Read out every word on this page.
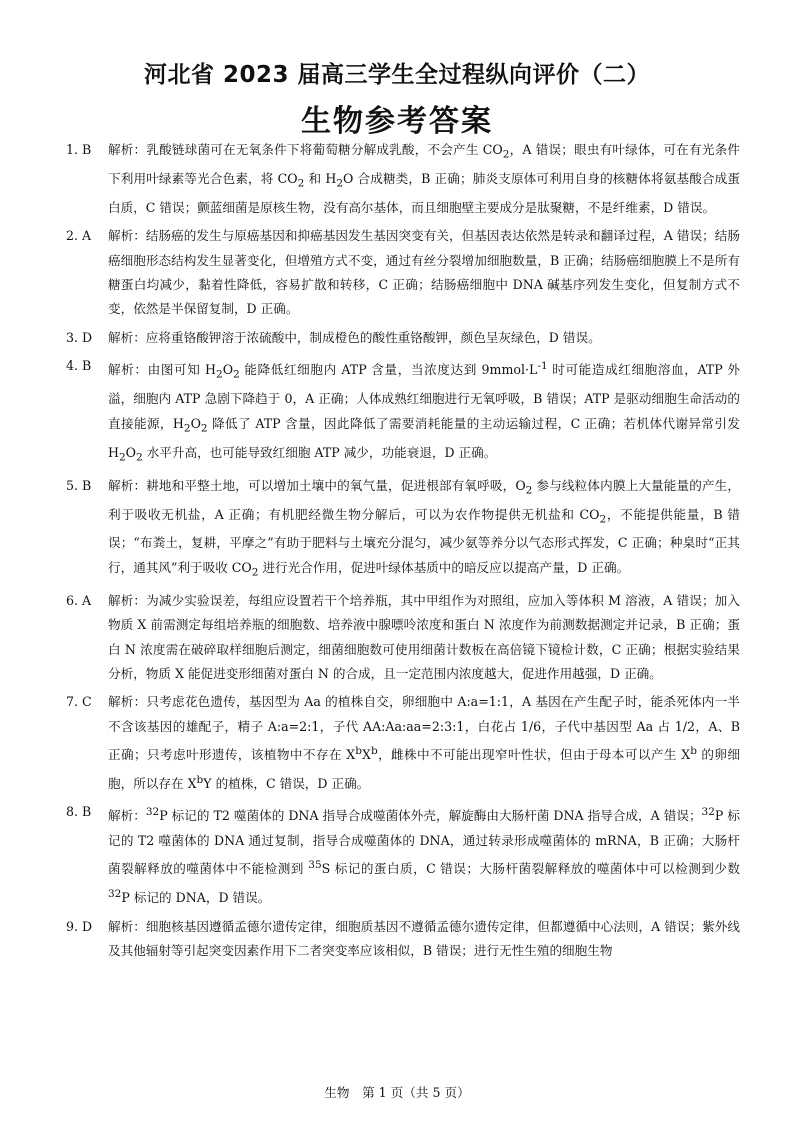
河北省 2023 届高三学生全过程纵向评价（二）
生物参考答案
1. B	解析：乳酸链球菌可在无氧条件下将葡萄糖分解成乳酸，不会产生 $CO_2$，A 错误；眼虫有叶绿体，可在有光条件下利用叶绿素等光合色素，将 $CO_2$ 和 $H_2O$ 合成糖类，B 正确；肺炎支原体可利用自身的核糖体将氨基酸合成蛋白质，C 错误；颤蓝细菌是原核生物，没有高尔基体，而且细胞壁主要成分是肽聚糖，不是纤维素，D 错误。
2. A	解析：结肠癌的发生与原癌基因和抑癌基因发生基因突变有关，但基因表达依然是转录和翻译过程，A 错误；结肠癌细胞形态结构发生显著变化，但增殖方式不变，通过有丝分裂增加细胞数量，B 正确；结肠癌细胞膜上不是所有糖蛋白均减少，黏着性降低，容易扩散和转移，C 正确；结肠癌细胞中 DNA 碱基序列发生变化，但复制方式不变，依然是半保留复制，D 正确。
3. D	解析：应将重铬酸钾溶于浓硫酸中，制成橙色的酸性重铬酸钾，颜色呈灰绿色，D 错误。
4. B	解析：由图可知 $H_2O_2$ 能降低红细胞内 ATP 含量，当浓度达到 $9mmol\cdot L^{-1}$ 时可能造成红细胞溶血，ATP 外溢，细胞内 ATP 急剧下降趋于 0，A 正确；人体成熟红细胞进行无氧呼吸，B 错误；ATP 是驱动细胞生命活动的直接能源，$H_2O_2$ 降低了 ATP 含量，因此降低了需要消耗能量的主动运输过程，C 正确；若机体代谢异常引发 $H_2O_2$ 水平升高，也可能导致红细胞 ATP 减少，功能衰退，D 正确。
5. B	解析：耕地和平整土地，可以增加土壤中的氧气量，促进根部有氧呼吸，$O_2$ 参与线粒体内膜上大量能量的产生，利于吸收无机盐，A 正确；有机肥经微生物分解后，可以为农作物提供无机盐和 $CO_2$，不能提供能量，B 错误；“布粪土，复耕，平摩之”有助于肥料与土壤充分混匀，减少氨等养分以气态形式挥发，C 正确；种臬时“正其行，通其风”利于吸收 $CO_2$ 进行光合作用，促进叶绿体基质中的暗反应以提高产量，D 正确。
6. A	解析：为减少实验误差，每组应设置若干个培养瓶，其中甲组作为对照组，应加入等体积 M 溶液，A 错误；加入物质 X 前需测定每组培养瓶的细胞数、培养液中腺嘌呤浓度和蛋白 N 浓度作为前测数据测定并记录，B 正确；蛋白 N 浓度需在破碎取样细胞后测定，细菌细胞数可使用细菌计数板在高倍镜下镜检计数，C 正确；根据实验结果分析，物质 X 能促进变形细菌对蛋白 N 的合成，且一定范围内浓度越大，促进作用越强，D 正确。
7. C	解析：只考虑花色遗传，基因型为 Aa 的植株自交，卵细胞中 A:a=1:1，A 基因在产生配子时，能杀死体内一半不含该基因的雄配子，精子 A:a=2:1，子代 AA:Aa:aa=2:3:1，白花占 1/6，子代中基因型 Aa 占 1/2，A、B 正确；只考虑叶形遗传，该植物中不存在 $X^bX^b$，雌株中不可能出现窄叶性状，但由于母本可以产生 $X^b$ 的卵细胞，所以存在 $X^bY$ 的植株，C 错误，D 正确。
8. B	解析：$^{32}$P 标记的 T2 噬菌体的 DNA 指导合成噬菌体外壳，解旋酶由大肠杆菌 DNA 指导合成，A 错误；$^{32}$P 标记的 T2 噬菌体的 DNA 通过复制，指导合成噬菌体的 DNA，通过转录形成噬菌体的 mRNA，B 正确；大肠杆菌裂解释放的噬菌体中不能检测到 $^{35}$S 标记的蛋白质，C 错误；大肠杆菌裂解释放的噬菌体中可以检测到少数 $^{32}$P 标记的 DNA，D 错误。
9. D	解析：细胞核基因遵循孟德尔遗传定律，细胞质基因不遵循孟德尔遗传定律，但都遵循中心法则，A 错误；紫外线及其他辐射等引起突变因素作用下二者突变率应该相似，B 错误；进行无性生殖的细胞生物
生物　第 1 页（共 5 页）
